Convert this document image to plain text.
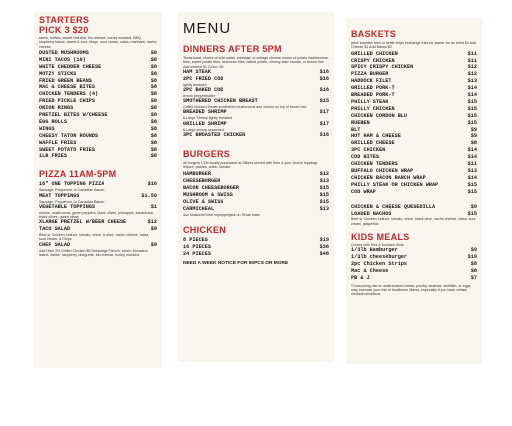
STARTERS
PICK 3 $20
ranch, buffalo, sweet chili thai, blu cheese, honey mustard, BBQ, raspberry sauce, sweet & sour, Mayo, sour cream, salsa, marinara, nacho cheese
DUSTED MUSHROOMS	$8
MINI TACOS (10)	$8
WHITE CHEDDER CHEESE	$8
MOTZY STICKS	$8
FRIED GREEN BEANS	$8
MAC & CHEESE BITES	$8
CHICKEN TENDERS (4)	$8
FRIED PICKLE CHIPS	$8
ONION RINGS	$8
PRETZEL BITES W/CHEESE	$8
EGG ROLLS	$8
WINGS	$8
CHEESY TATOR ROUNDS	$8
WAFFLE FRIES	$8
SWEET POTATO FRIES	$8
1LB FRIES	$8
PIZZA 11AM-5PM
16" ONE TOPPING PIZZA	$16
Sausage, Pepperoni, or Canadian Bacon
MEAT TOPPINGS	$1.50
Sausage, Pepperoni, or Canadian Bacon
VEGETABLE TOPPINGS	$1
onions, mushrooms, green peppers, black olives, pineapple, sauerkraut, black olives, green olives
XLARGE PRETZEL W/BEER CHEESE	$12
TACO SALAD	$9
Beef or Chicken Lettuce, tomato, onion, b.olive, nacho cheese, salsa, sour cream, & Chips
CHEF SALAD	$9
Add Ham 3% Grilled Chicken $5 Dressings French, ranch, thousand island, italian, raspberry vinegrette, blu cheese, honey mustard
MENU
DINNERS AFTER 5PM
Texas toast, choice of side salad, coleslaw, or cottage cheese choice of potato hashbrowns, fries, sweet potato fries, american fries, baked potato, cheesy tater rounds, or brown rice Add cheese $1 Onion .50
HAM STEAK	$16
2PC FRIED COD	$16
lightly breaded
2PC BAKED COD	$16
lemon pepper/butter
SMOTHERED CHICKEN BREAST	$15
Grilled chicken breast smothered mushrooms and onions on top of brown rice
BREADED SHRIMP	$17
6-Large Shrimp lightly breaded
GRILLED SHRIMP	$17
6-Large shrimp seasoned
3PC BROASTED CHICKEN	$16
BURGERS
all burgers 1/2lb locally purchased at Silkers served with fries & your choice toppings lettuce, pickles, onion, tomato
HAMBURGER	$12
CHEESEBURGER	$13
BACON CHEESEBURGER	$15
MUSHROOM & SWISS	$15
OLIVE & SWISS	$15
CARMICHEAL	$13
4oz seasoned beef w/pepperjack on Texas toast
CHICKEN
8 PIECES	$19
16 PIECES	$36
24 PIECES	$48
NEED A WEEK NOTICE FOR 50PCS OR MORE
BASKETS
price includes fries or kettle chips exchange fries for starter for an extra $4 Add Cheese $1 Add Bacon $2
GRILLED CHICKEN	$11
CRISPY CHICKEN	$11
SPICY CRISPY CHICKEN	$12
PIZZA BURGER	$12
HADDOCK FILET	$13
GRILLED PORK-T	$14
BREADED PORK-T	$14
PHILLY STEAK	$15
PHILLY CHICKEN	$15
CHICKEN CORDON BLU	$15
RUEBEN	$15
BLT	$9
HOT HAM & CHEESE	$9
GRILLED CHEESE	$8
3PC CHICKEN	$14
COD BITES	$14
CHICKEN TENDERS	$11
BUFFALO CHICKEN WRAP	$13
CHICKEN BACON RANCH WRAP	$14
PHILLY STEAK OR CHICKEN WRAP	$15
COD WRAP	$15
CHICKEN & CHEESE QUESEDILLA	$9
LOADED NACHOS	$15
Beef or Chicken Lettuce, tomato, onion, black olive, nacho cheese, salsa, sour cream, jalapeños
KIDS MEALS
Comes with fries & fountain drink
1/3lb Hamburger	$9
1/3lb cheeseburger	$10
2pc Chicken Strips	$8
Mac & Cheese	$8
PB & J	$7
*Consuming raw or undercooked meats, poultry, seafood, shellfish, or eggs may increase your risk of foodborne illness, especially if you have certain medical conditions
